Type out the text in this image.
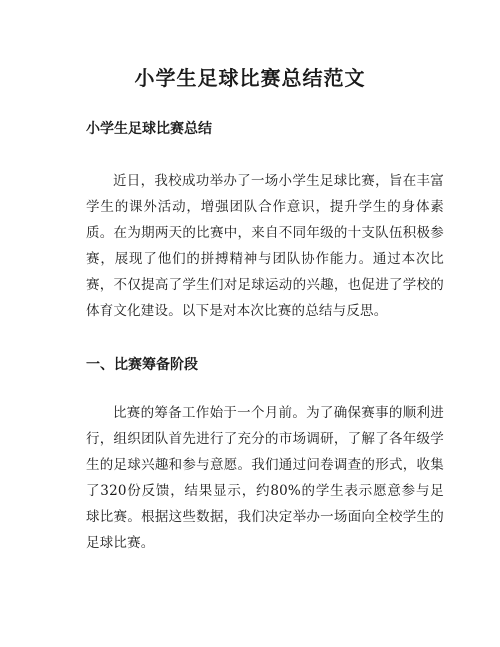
小学生足球比赛总结范文
小学生足球比赛总结

近日，我校成功举办了一场小学生足球比赛，旨在丰富学生的课外活动，增强团队合作意识，提升学生的身体素质。在为期两天的比赛中，来自不同年级的十支队伍积极参赛，展现了他们的拼搏精神与团队协作能力。通过本次比赛，不仅提高了学生们对足球运动的兴趣，也促进了学校的体育文化建设。以下是对本次比赛的总结与反思。

一、比赛筹备阶段

比赛的筹备工作始于一个月前。为了确保赛事的顺利进行，组织团队首先进行了充分的市场调研，了解了各年级学生的足球兴趣和参与意愿。我们通过问卷调查的形式，收集了320份反馈，结果显示，约80%的学生表示愿意参与足球比赛。根据这些数据，我们决定举办一场面向全校学生的足球比赛。
